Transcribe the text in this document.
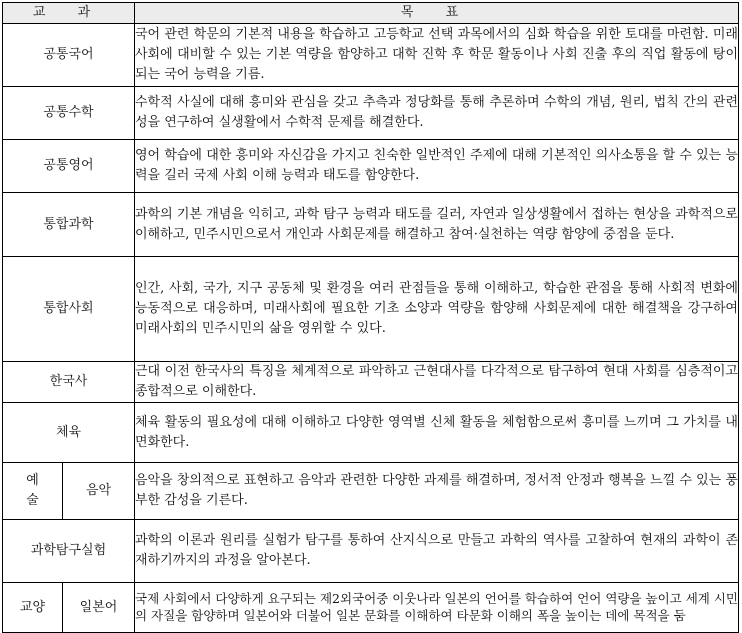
교 과		목 표
공통국어		국어 관련 학문의 기본적 내용을 학습하고 고등학교 선택 과목에서의 심화 학습을 위한 토대를 마련함. 미래사회에 대비할 수 있는 기본 역량을 함양하고 대학 진학 후 학문 활동이나 사회 진출 후의 직업 활동에 탕이 되는 국어 능력을 기름.
공통수학		수학적 사실에 대해 흥미와 관심을 갖고 추측과 정당화를 통해 추론하며 수학의 개념, 원리, 법칙 간의 관련성을 연구하여 실생활에서 수학적 문제를 해결한다.
공통영어		영어 학습에 대한 흥미와 자신감을 가지고 친숙한 일반적인 주제에 대해 기본적인 의사소통을 할 수 있는 능력을 길러 국제 사회 이해 능력과 태도를 함양한다.
통합과학		과학의 기본 개념을 익히고, 과학 탐구 능력과 태도를 길러, 자연과 일상생활에서 접하는 현상을 과학적으로 이해하고, 민주시민으로서 개인과 사회문제를 해결하고 참여·실천하는 역량 함양에 중점을 둔다.
통합사회		인간, 사회, 국가, 지구 공동체 및 환경을 여러 관점들을 통해 이해하고, 학습한 관점을 통해 사회적 변화에 능동적으로 대응하며, 미래사회에 필요한 기초 소양과 역량을 함양해 사회문제에 대한 해결책을 강구하여 미래사회의 민주시민의 삶을 영위할 수 있다.
한국사		근대 이전 한국사의 특징을 체계적으로 파악하고 근현대사를 다각적으로 탐구하여 현대 사회를 심층적이고 종합적으로 이해한다.
체육		체육 활동의 필요성에 대해 이해하고 다양한 영역별 신체 활동을 체험함으로써 흥미를 느끼며 그 가치를 내면화한다.
예술	음악	음악을 창의적으로 표현하고 음악과 관련한 다양한 과제를 해결하며, 정서적 안정과 행복을 느낄 수 있는 풍부한 감성을 기른다.
과학탐구실험		과학의 이론과 원리를 실험가 탐구를 통하여 산지식으로 만들고 과학의 역사를 고찰하여 현재의 과학이 존재하기까지의 과정을 알아본다.
교양	일본어	국제 사회에서 다양하게 요구되는 제2외국어중 이웃나라 일본의 언어를 학습하여 언어 역량을 높이고 세계 시민의 자질을 함양하며 일본어와 더불어 일본 문화를 이해하여 타문화 이해의 폭을 높이는 데에 목적을 둠
